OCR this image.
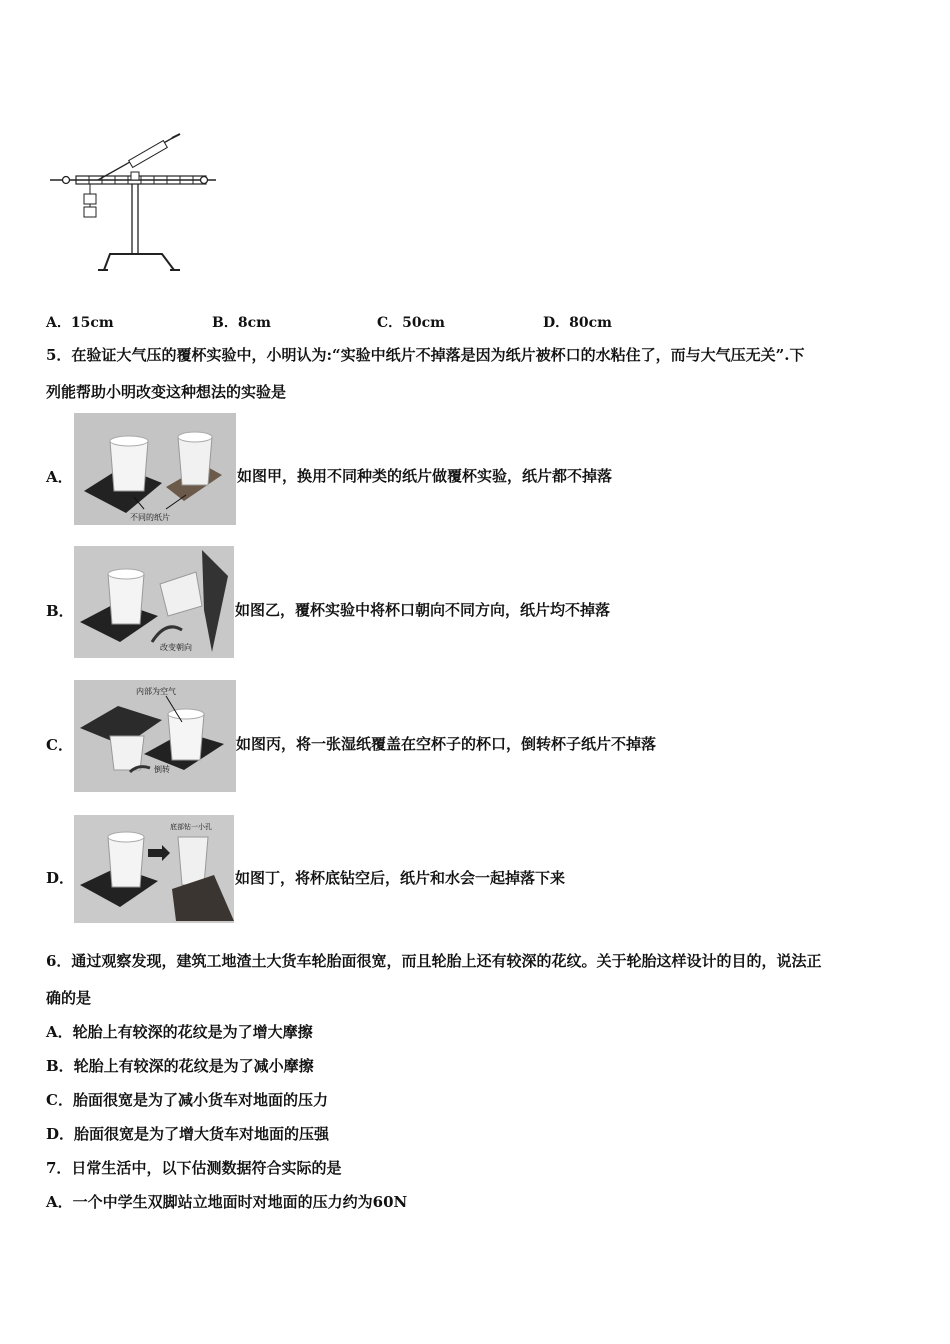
A．15cm	B．8cm	C．50cm	D．80cm
5．在验证大气压的覆杯实验中，小明认为:“实验中纸片不掉落是因为纸片被杯口的水粘住了，而与大气压无关”.下
列能帮助小明改变这种想法的实验是
A．
不同的纸片
如图甲，换用不同种类的纸片做覆杯实验，纸片都不掉落
B．
改变朝向
如图乙，覆杯实验中将杯口朝向不同方向，纸片均不掉落
C．
内部为空气
倒转
如图丙，将一张湿纸覆盖在空杯子的杯口，倒转杯子纸片不掉落
D．
底部钻一小孔
如图丁，将杯底钻空后，纸片和水会一起掉落下来
6．通过观察发现，建筑工地渣土大货车轮胎面很宽，而且轮胎上还有较深的花纹。关于轮胎这样设计的目的，说法正
确的是
A．轮胎上有较深的花纹是为了增大摩擦
B．轮胎上有较深的花纹是为了减小摩擦
C．胎面很宽是为了减小货车对地面的压力
D．胎面很宽是为了增大货车对地面的压强
7．日常生活中，以下估测数据符合实际的是
A．一个中学生双脚站立地面时对地面的压力约为60N
